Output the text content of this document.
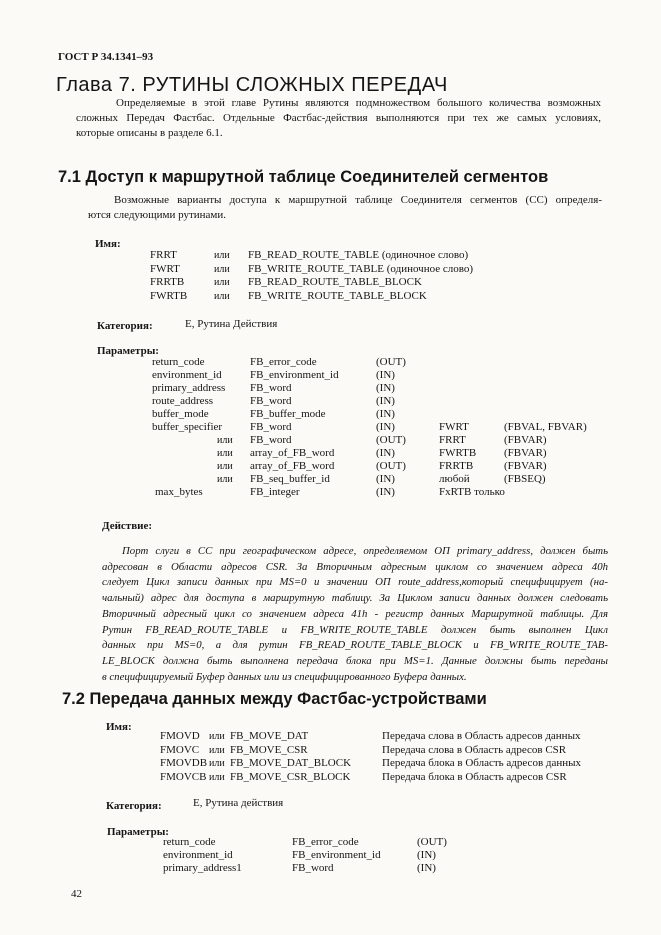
ГОСТ Р 34.1341–93
Глава 7. РУТИНЫ СЛОЖНЫХ ПЕРЕДАЧ
Определяемые в этой главе Рутины являются подмножеством большого количества возможных
сложных Передач Фастбас. Отдельные Фастбас-действия выполняются при тех же самых условиях,
которые описаны в разделе 6.1.
7.1 Доступ к маршрутной таблице Соединителей сегментов
Возможные варианты доступа к маршрутной таблице Соединителя сегментов (СС) определя-
ются следующими рутинами.
Имя:
FRRT	или FB_READ_ROUTE_TABLE (одиночное слово)
FWRT	или FB_WRITE_ROUTE_TABLE (одиночное слово)
FRRTB	или FB_READ_ROUTE_TABLE_BLOCK
FWRTB	или FB_WRITE_ROUTE_TABLE_BLOCK
Категория:	Е, Рутина Действия
Параметры:
return_code	FB_error_code	(OUT)
environment_id	FB_environment_id	(IN)
primary_address FB_word	(IN)
route_address	FB_word	(IN)
buffer_mode	FB_buffer_mode	(IN)
buffer_specifier	FB_word	(IN)	FWRT	(FBVAL, FBVAR)
или FB_word	(OUT)	FRRT	(FBVAR)
или array_of_FB_word	(IN)	FWRTB	(FBVAR)
или array_of_FB_word	(OUT)	FRRTB	(FBVAR)
или FB_seq_buffer_id	(IN)	любой	(FBSEQ)
max_bytes	FB_integer	(IN)	FxRTB только
Действие:
Порт слуги в СС при географическом адресе, определяемом ОП primary_address, должен быть
адресован в Области адресов CSR. За Вторичным адресным циклом со значением адреса 40h
следует Цикл записи данных при MS=0 и значении ОП route_address,который специфицирует (на-
чальный) адрес для доступа в маршрутную таблицу. За Циклом записи данных должен следовать
Вторичный адресный цикл со значением адреса 41h - регистр данных Маршрутной таблицы. Для
Рутин FB_READ_ROUTE_TABLE и FB_WRITE_ROUTE_TABLE должен быть выполнен Цикл
данных при MS=0, а для рутин FB_READ_ROUTE_TABLE_BLOCK и FB_WRITE_ROUTE_TAB-
LE_BLOCK должна быть выполнена передача блока при MS=1. Данные должны быть переданы
в специфицируемый Буфер данных или из специфицированного Буфера данных.
7.2 Передача данных между Фастбас-устройствами
Имя:
FMOVD или FB_MOVE_DAT	Передача слова в Область адресов данных
FMOVC или FB_MOVE_CSR	Передача слова в Область адресов CSR
FMOVDB или FB_MOVE_DAT_BLOCK	Передача блока в Область адресов данных
FMOVCB или FB_MOVE_CSR_BLOCK	Передача блока в Область адресов CSR
Категория:	Е, Рутина действия
Параметры:
return_code	FB_error_code	(OUT)
environment_id	FB_environment_id	(IN)
primary_address1	FB_word	(IN)
42
